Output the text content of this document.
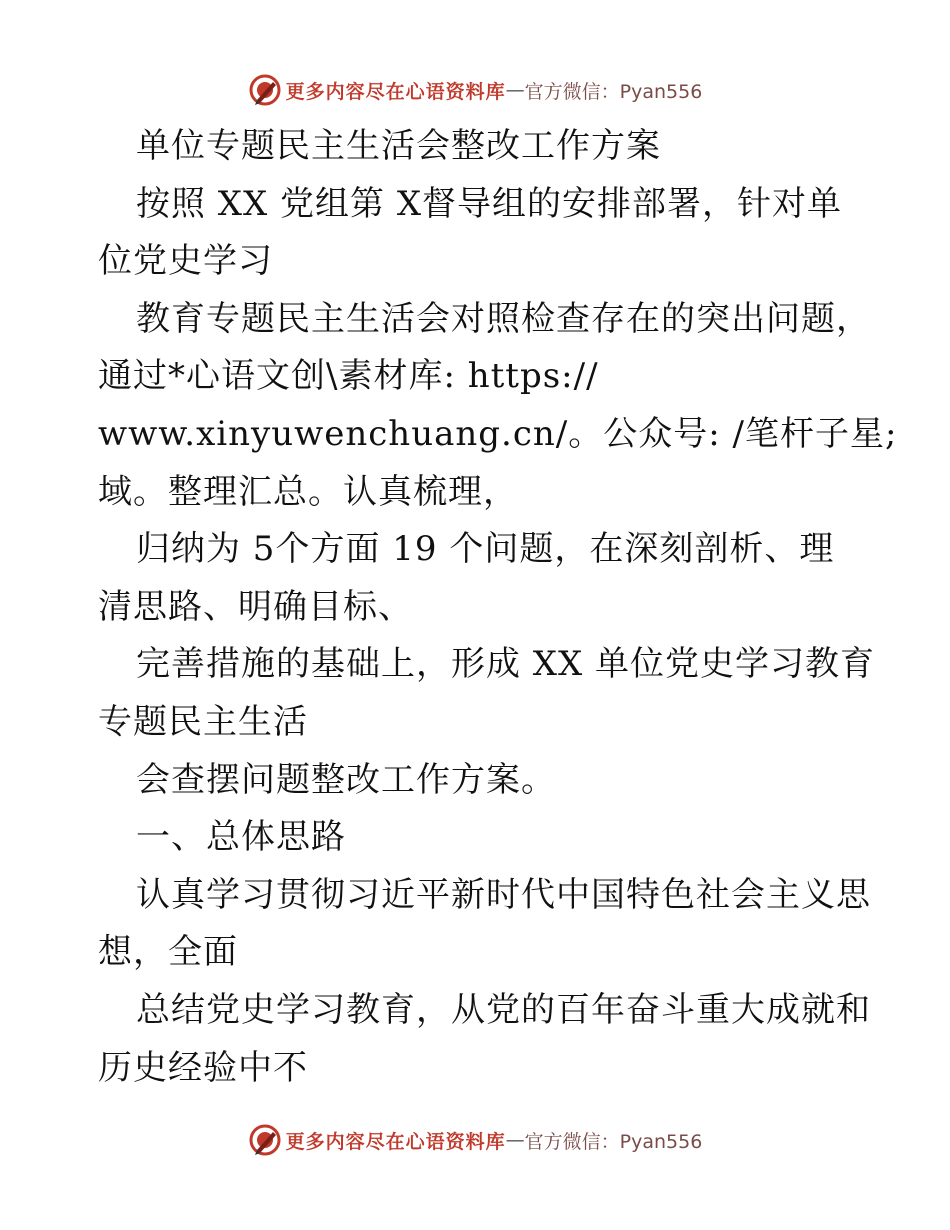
更多内容尽在心语资料库 — 官方微信：Pyan556
单位专题民主生活会整改工作方案
按照 XX 党组第 X督导组的安排部署，针对单
位党史学习
教育专题民主生活会对照检查存在的突出问题，
通过*心语文创\素材库: https://
www.xinyuwenchuang.cn/。公众号: /笔杆子星;
域。整理汇总。认真梳理，
归纳为 5个方面 19 个问题，在深刻剖析、理
清思路、明确目标、
完善措施的基础上，形成 XX 单位党史学习教育
专题民主生活
会查摆问题整改工作方案。
一、总体思路
认真学习贯彻习近平新时代中国特色社会主义思
想，全面
总结党史学习教育，从党的百年奋斗重大成就和
历史经验中不
更多内容尽在心语资料库 — 官方微信：Pyan556
